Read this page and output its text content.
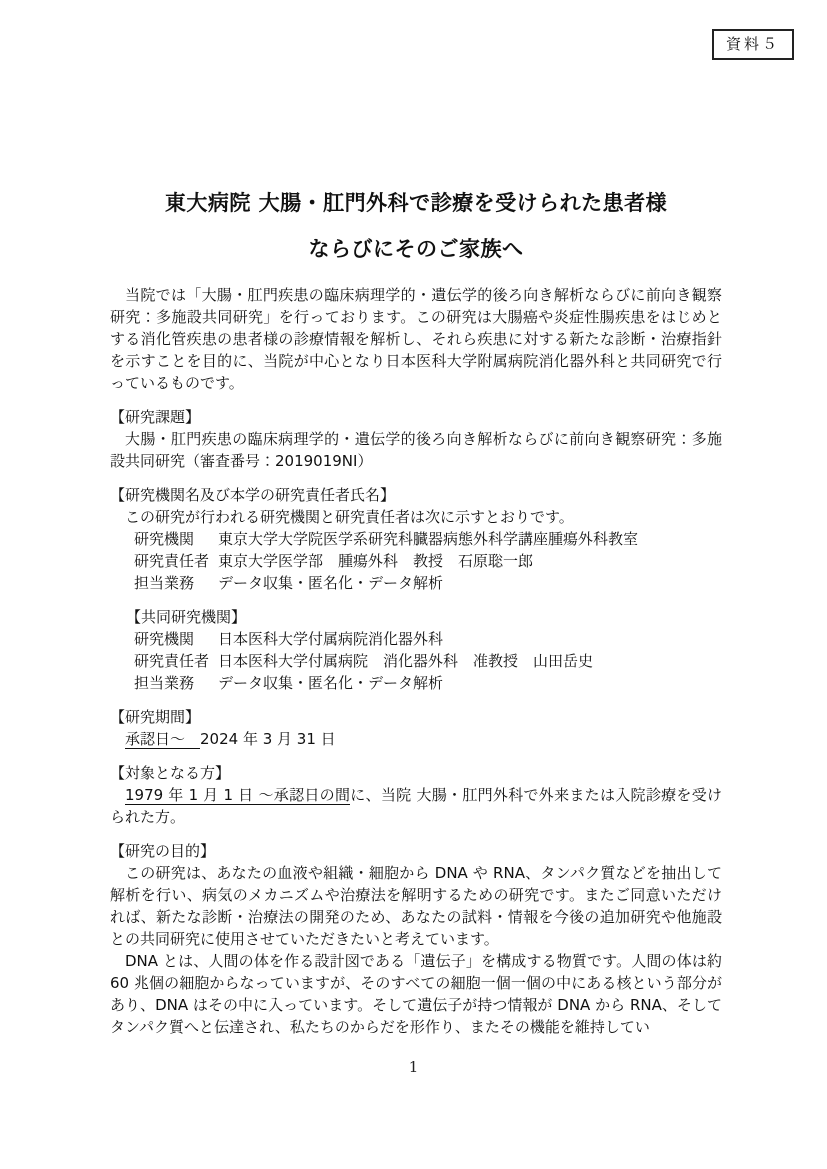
資料５
東大病院 大腸・肛門外科で診療を受けられた患者様
ならびにそのご家族へ

当院では「大腸・肛門疾患の臨床病理学的・遺伝学的後ろ向き解析ならびに前向き観察研究：多施設共同研究」を行っております。この研究は大腸癌や炎症性腸疾患をはじめとする消化管疾患の患者様の診療情報を解析し、それら疾患に対する新たな診断・治療指針を示すことを目的に、当院が中心となり日本医科大学附属病院消化器外科と共同研究で行っているものです。

【研究課題】

大腸・肛門疾患の臨床病理学的・遺伝学的後ろ向き解析ならびに前向き観察研究：多施設共同研究（審査番号：2019019NI）

【研究機関名及び本学の研究責任者氏名】

この研究が行われる研究機関と研究責任者は次に示すとおりです。

研究機関	東京大学大学院医学系研究科臓器病態外科学講座腫瘍外科教室
研究責任者 東京大学医学部　腫瘍外科　教授　石原聡一郎
担当業務	データ収集・匿名化・データ解析
【共同研究機関】
研究機関	日本医科大学付属病院消化器外科
研究責任者 日本医科大学付属病院　消化器外科　准教授　山田岳史
担当業務	データ収集・匿名化・データ解析
【研究期間】

承認日～　2024 年 3 月 31 日

【対象となる方】

1979 年 1 月 1 日 ～承認日の間に、当院 大腸・肛門外科で外来または入院診療を受けられた方。

【研究の目的】

この研究は、あなたの血液や組織・細胞から DNA や RNA、タンパク質などを抽出して解析を行い、病気のメカニズムや治療法を解明するための研究です。またご同意いただければ、新たな診断・治療法の開発のため、あなたの試料・情報を今後の追加研究や他施設との共同研究に使用させていただきたいと考えています。

DNA とは、人間の体を作る設計図である「遺伝子」を構成する物質です。人間の体は約 60 兆個の細胞からなっていますが、そのすべての細胞一個一個の中にある核という部分があり、DNA はその中に入っています。そして遺伝子が持つ情報が DNA から RNA、そしてタンパク質へと伝達され、私たちのからだを形作り、またその機能を維持してい

1
